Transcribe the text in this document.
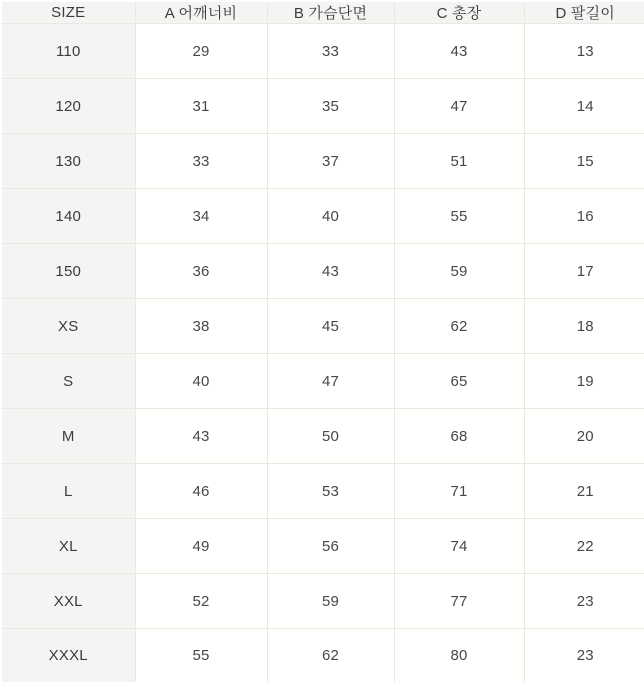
SIZE	A 어깨너비	B 가슴단면	C 총장	D 팔길이
110	29	33	43	13
120	31	35	47	14
130	33	37	51	15
140	34	40	55	16
150	36	43	59	17
XS	38	45	62	18
S	40	47	65	19
M	43	50	68	20
L	46	53	71	21
XL	49	56	74	22
XXL	52	59	77	23
XXXL	55	62	80	23
